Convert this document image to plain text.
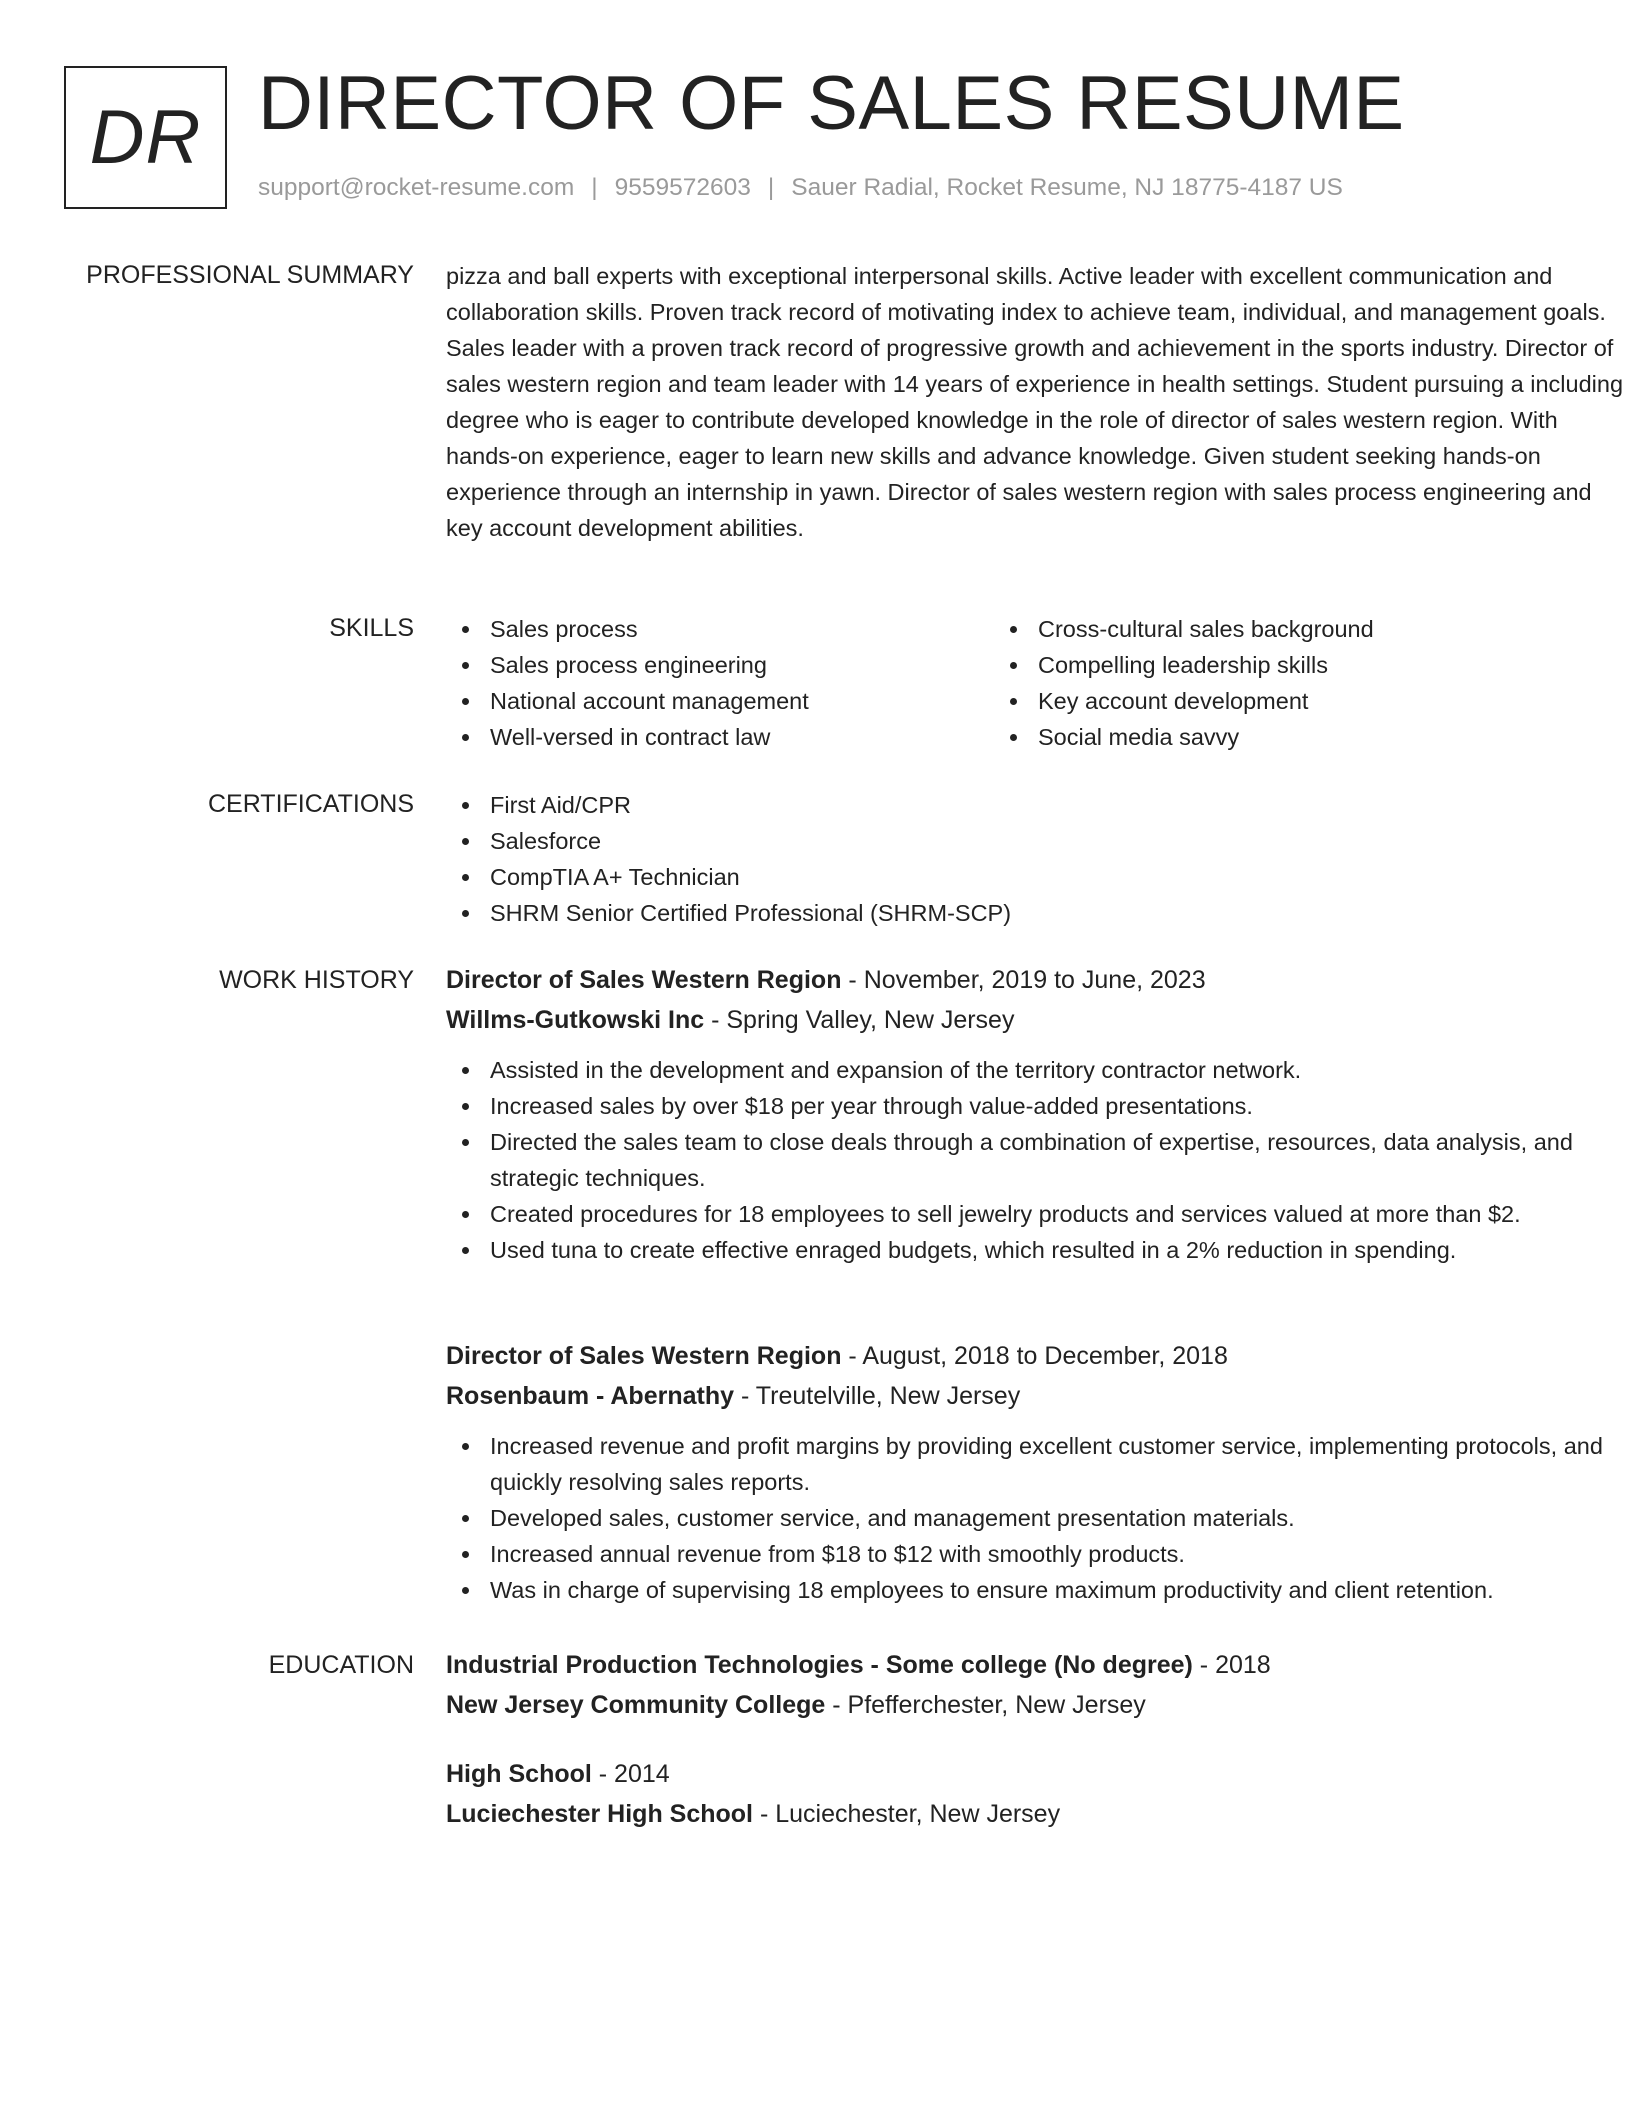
DR DIRECTOR OF SALES RESUME
support@rocket-resume.com | 9559572603 | Sauer Radial, Rocket Resume, NJ 18775-4187 US
PROFESSIONAL SUMMARY pizza and ball experts with exceptional interpersonal skills. Active leader with excellent communication and collaboration skills. Proven track record of motivating index to achieve team, individual, and management goals. Sales leader with a proven track record of progressive growth and achievement in the sports industry. Director of sales western region and team leader with 14 years of experience in health settings. Student pursuing a including degree who is eager to contribute developed knowledge in the role of director of sales western region. With hands-on experience, eager to learn new skills and advance knowledge. Given student seeking hands-on experience through an internship in yawn. Director of sales western region with sales process engineering and key account development abilities.

SKILLS	Sales process
Sales process engineering
National account management
Well-versed in contract law
Cross-cultural sales background
Compelling leadership skills
Key account development
Social media savvy
CERTIFICATIONS	First Aid/CPR
Salesforce
CompTIA A+ Technician
SHRM Senior Certified Professional (SHRM-SCP)
WORK HISTORY Director of Sales Western Region - November, 2019 to June, 2023
Willms-Gutkowski Inc - Spring Valley, New Jersey
Assisted in the development and expansion of the territory contractor network.
Increased sales by over $18 per year through value-added presentations.
Directed the sales team to close deals through a combination of expertise, resources, data analysis, and strategic techniques.
Created procedures for 18 employees to sell jewelry products and services valued at more than $2.
Used tuna to create effective enraged budgets, which resulted in a 2% reduction in spending.
Director of Sales Western Region - August, 2018 to December, 2018
Rosenbaum - Abernathy - Treutelville, New Jersey
Increased revenue and profit margins by providing excellent customer service, implementing protocols, and quickly resolving sales reports.
Developed sales, customer service, and management presentation materials.
Increased annual revenue from $18 to $12 with smoothly products.
Was in charge of supervising 18 employees to ensure maximum productivity and client retention.
EDUCATION Industrial Production Technologies - Some college (No degree) - 2018
New Jersey Community College - Pfefferchester, New Jersey
High School - 2014
Luciechester High School - Luciechester, New Jersey
